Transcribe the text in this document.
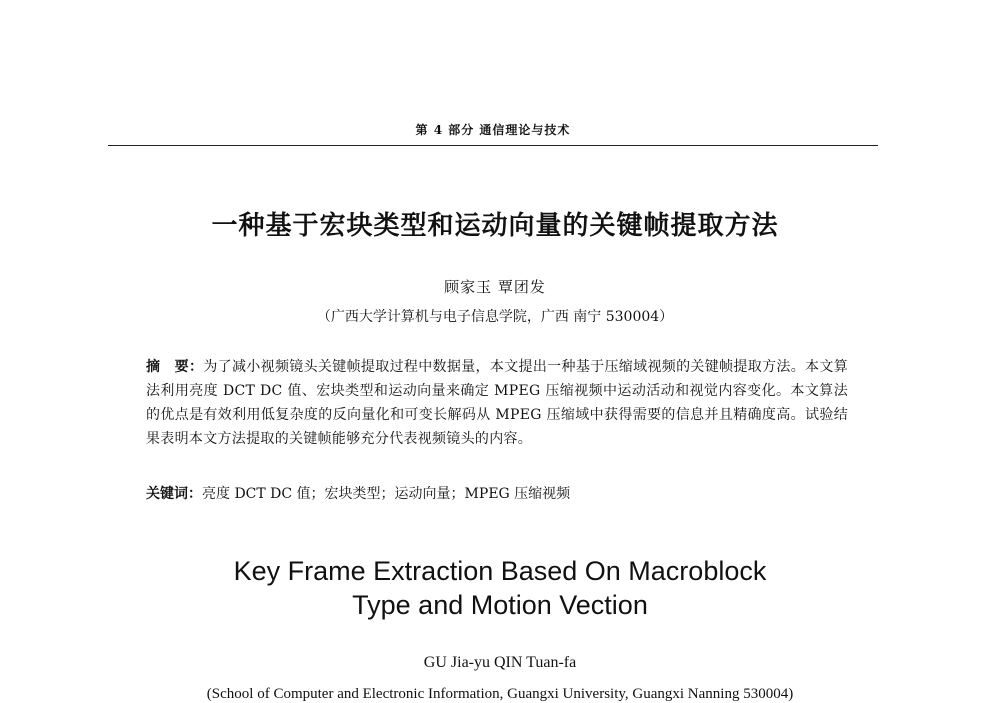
第 4 部分 通信理论与技术
一种基于宏块类型和运动向量的关键帧提取方法
顾家玉 覃团发
（广西大学计算机与电子信息学院，广西 南宁 530004）
摘　要：为了减小视频镜头关键帧提取过程中数据量，本文提出一种基于压缩域视频的关键帧提取方法。本文算法利用亮度 DCT DC 值、宏块类型和运动向量来确定 MPEG 压缩视频中运动活动和视觉内容变化。本文算法的优点是有效利用低复杂度的反向量化和可变长解码从 MPEG 压缩域中获得需要的信息并且精确度高。试验结果表明本文方法提取的关键帧能够充分代表视频镜头的内容。
关键词：亮度 DCT DC 值；宏块类型；运动向量；MPEG 压缩视频
Key Frame Extraction Based On Macroblock
Type and Motion Vection
GU Jia-yu QIN Tuan-fa
(School of Computer and Electronic Information, Guangxi University, Guangxi Nanning 530004)
